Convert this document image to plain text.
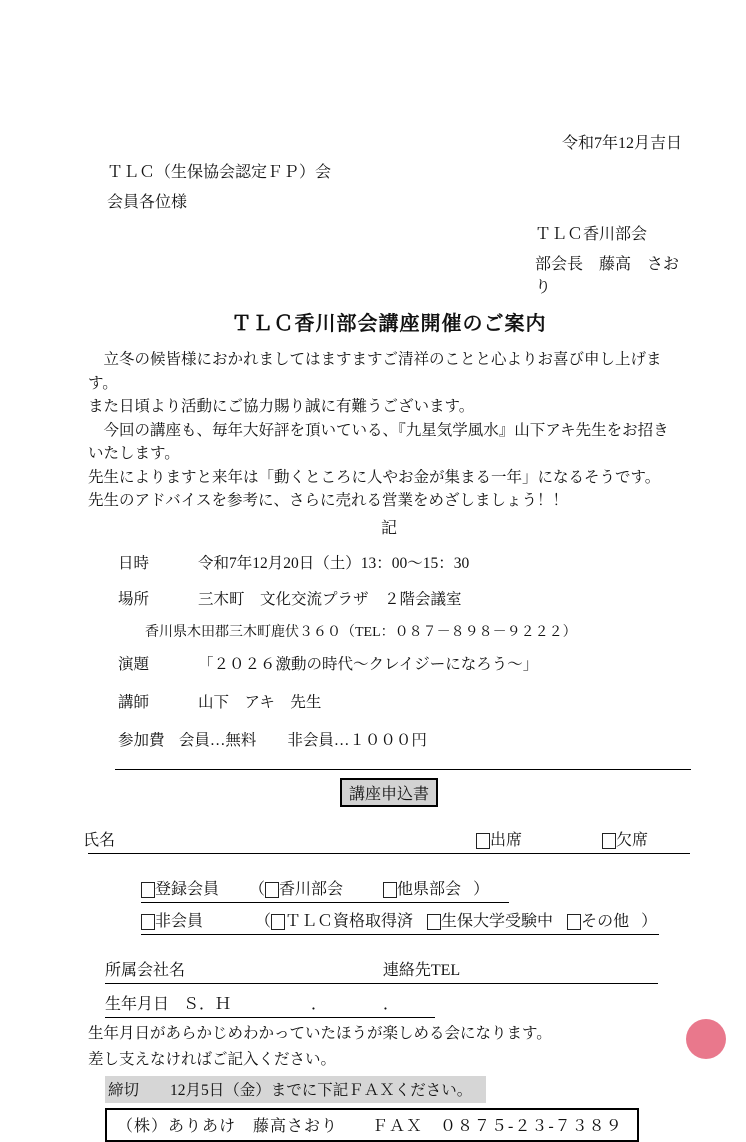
令和7年12月吉日
ＴＬＣ（生保協会認定ＦＰ）会
会員各位様
ＴＬＣ香川部会
部会長　藤高　さおり
ＴＬＣ香川部会講座開催のご案内
　立冬の候皆様におかれましてはますますご清祥のことと心よりお喜び申し上げます。
また日頃より活動にご協力賜り誠に有難うございます。
　今回の講座も、毎年大好評を頂いている、『九星気学風水』山下アキ先生をお招き
いたします。
先生によりますと来年は「動くところに人やお金が集まる一年」になるそうです。
先生のアドバイスを参考に、さらに売れる営業をめざしましょう！！
記
日時	令和7年12月20日（土）13：00～15：30
場所	三木町　文化交流プラザ　２階会議室
香川県木田郡三木町鹿伏３６０（TEL：０８７－８９８－９２２２）
演題	「２０２６激動の時代～クレイジーになろう～」
講師	山下　アキ　先生
参加費 会員…無料　　非会員…１０００円
講座申込書
氏名	出席	欠席
登録会員 （ 香川部会	他県部会 ）
非会員	（ ＴＬＣ資格取得済 生保大学受験中 その他 ）
所属会社名	連絡先TEL
生年月日 Ｓ．Ｈ　　　　　．　　　　．
生年月日があらかじめわかっていたほうが楽しめる会になります。
差し支えなければご記入ください。
締切　　12月5日（金）までに下記ＦＡＸください。
（株）ありあけ　藤高さおり　　ＦＡＸ　０８７５-２３-７３８９
